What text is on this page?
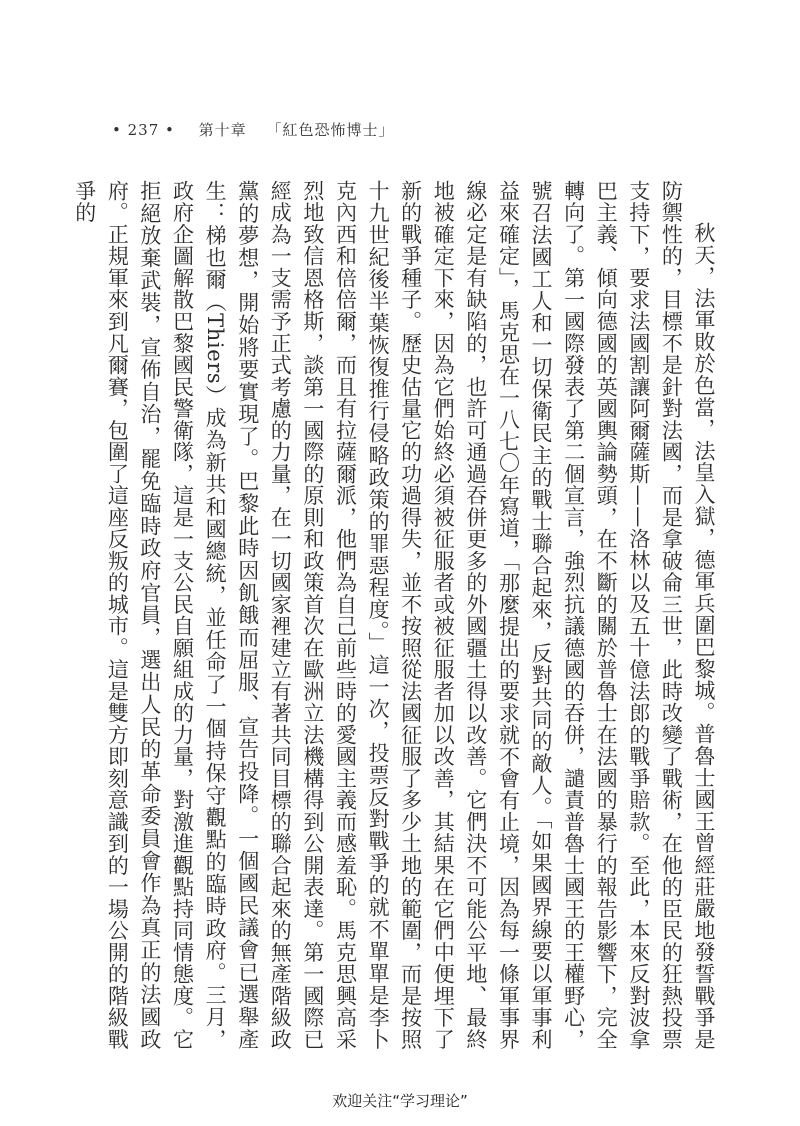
• 237 • 第十章 「紅色恐怖博士」

秋天，法軍敗於色當，法皇入獄，德軍兵圍巴黎城。普魯士國王曾經莊嚴地發誓戰爭是防禦性的，目標不是針對法國，而是拿破侖三世，此時改變了戰術，在他的臣民的狂熱投票支持下，要求法國割讓阿爾薩斯——洛林以及五十億法郎的戰爭賠款。至此，本來反對波拿巴主義、傾向德國的英國輿論勢頭，在不斷的關於普魯士在法國的暴行的報告影響下，完全轉向了。第一國際發表了第二個宣言，強烈抗議德國的吞併，譴責普魯士國王的王權野心，號召法國工人和一切保衛民主的戰士聯合起來，反對共同的敵人。「如果國界線要以軍事利益來確定」，馬克思在一八七〇年寫道，「那麼提出的要求就不會有止境，因為每一條軍事界線必定是有缺陷的，也許可通過吞併更多的外國疆土得以改善。它們決不可能公平地、最終地被確定下來，因為它們始終必須被征服者或被征服者加以改善，其結果在它們中便埋下了新的戰爭種子。歷史估量它的功過得失，並不按照從法國征服了多少土地的範圍，而是按照十九世紀後半葉恢復推行侵略政策的罪惡程度。」這一次，投票反對戰爭的就不單單是李卜克內西和倍倍爾，而且有拉薩爾派，他們為自己前些時的愛國主義而感羞恥。馬克思興高采烈地致信恩格斯，談第一國際的原則和政策首次在歐洲立法機構得到公開表達。第一國際已經成為一支需予正式考慮的力量，在一切國家裡建立有著共同目標的聯合起來的無產階級政黨的夢想，開始將要實現了。巴黎此時因飢餓而屈服、宣告投降。一個國民議會已選舉產生：梯也爾（Thiers）成為新共和國總統，並任命了一個持保守觀點的臨時政府。三月，政府企圖解散巴黎國民警衛隊，這是一支公民自願組成的力量，對激進觀點持同情態度。它拒絕放棄武裝，宣佈自治，罷免臨時政府官員，選出人民的革命委員會作為真正的法國政府。正規軍來到凡爾賽，包圍了這座反叛的城市。這是雙方即刻意識到的一場公開的階級戰爭的

欢迎关注“学习理论”
